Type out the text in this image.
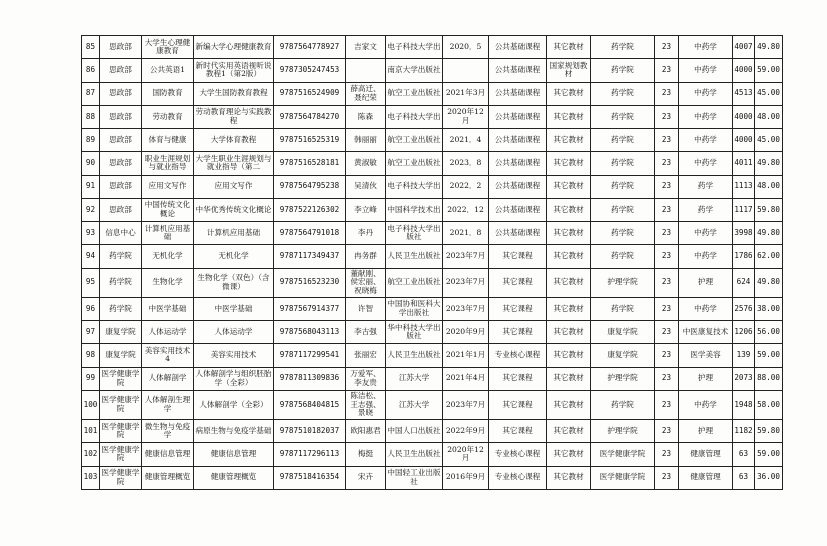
85	思政部	大学生心理健康教育	新编大学心理健康教育	9787564778927	吉家文	电子科技大学出	2020．5	公共基础课程	其它教材	药学院	23	中药学	4007	49.80
86	思政部	公共英语1	新时代实用英语视听说教程1（第2版）	9787305247453		南京大学出版社		公共基础课程	国家规划教材	药学院	23	中药学	4000	59.00
87	思政部	国防教育	大学生国防教育教程	9787516524909	薛高迁、聂纪荣	航空工业出版社	2021年3月	公共基础课程	其它教材	药学院	23	中药学	4513	45.00
88	思政部	劳动教育	劳动教育理论与实践教程	9787564784270	陈森	电子科技大学出	2020年12月	公共基础课程	其它教材	药学院	23	中药学	4000	48.00
89	思政部	体育与健康	大学体育教程	9787516525319	韩丽丽	航空工业出版社	2021．4	公共基础课程	其它教材	药学院	23	中药学	4000	45.00
90	思政部	职业生涯规划与就业指导	大学生职业生涯规划与就业指导（第二	9787516528181	黄淑敏	航空工业出版社	2023．8	公共基础课程	其它教材	药学院	23	中药学	4011	49.80
91	思政部	应用文写作	应用文写作	9787564795238	吴清伙	电子科技大学出	2022．2	公共基础课程	其它教材	药学院	23	药学	1113	48.00
92	思政部	中国传统文化概论	中华优秀传统文化概论	9787522126302	李立峰	中国科学技术出	2022．12	公共基础课程	其它教材	药学院	23	药学	1117	59.80
93	信息中心	计算机应用基础	计算机应用基础	9787564791018	李丹	电子科技大学出版社	2021．8	公共基础课程	其它教材	药学院	23	中药学	3998	49.80
94	药学院	无机化学	无机化学	9787117349437	冉务群	人民卫生出版社	2023年7月	其它课程	其它教材	药学院	23	中药学	1786	62.00
95	药学院	生物化学	生物化学（双色）（含微课）	9787516523230	董献刚、侯宏丽、祝晓梅	航空工业出版社	2023年7月	其它课程	其它教材	护理学院	23	护理	624	49.80
96	药学院	中医学基础	中医学基础	9787567914377	许智	中国协和医科大学出版社	2023年7月	其它课程	其它教材	药学院	23	中药学	2576	38.00
97	康复学院	人体运动学	人体运动学	9787568043113	李古强	华中科技大学出版社	2020年9月	其它课程	其它教材	康复学院	23	中医康复技术	1206	56.00
98	康复学院	美容实用技术4	美容实用技术	9787117299541	张丽宏	人民卫生出版社	2021年1月	专业核心课程	其它教材	康复学院	23	医学美容	139	59.00
99	医学健康学院	人体解剖学	人体解剖学与组织胚胎学（全彩）	9787811309836	万爱军、李友贵	江苏大学	2021年4月	其它课程	其它教材	护理学院	23	护理	2073	88.00
100	医学健康学院	人体解剖生理学	人体解剖学（全彩）	9787568404815	陈洁松、王志强、景晓	江苏大学	2023年7月	其它课程	其它教材	药学院	23	中药学	1948	58.00
101	医学健康学院	微生物与免疫学	病原生物与免疫学基础	9787510182037	欧阳惠君	中国人口出版社	2022年9月	其它课程	其它教材	护理学院	23	护理	1182	59.80
102	医学健康学院	健康信息管理	健康信息管理	9787117296113	梅挺	人民卫生出版社	2020年12月	专业核心课程	其它教材	医学健康学院	23	健康管理	63	59.00
103	医学健康学院	健康管理概览	健康管理概览	9787518416354	宋卉	中国轻工业出版社	2016年9月	专业核心课程	其它教材	医学健康学院	23	健康管理	63	36.00
